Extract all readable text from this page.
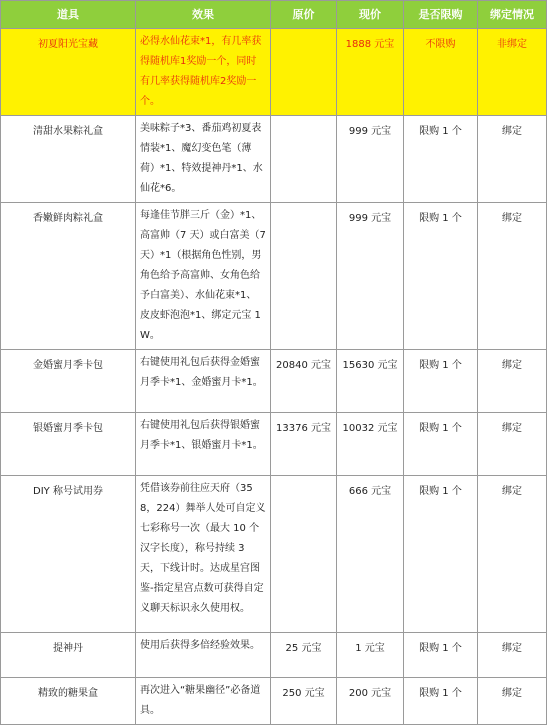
道具	效果	原价	现价	是否限购	绑定情况
初夏阳光宝藏	必得水仙花束*1，有几率获得随机库1奖励一个，同时有几率获得随机库2奖励一个。		1888 元宝	不限购	非绑定
清甜水果粽礼盒	美味粽子*3、番茄鸡初夏表情装*1、魔幻变色笔（薄荷）*1、特效提神丹*1、水仙花*6。		999 元宝	限购 1 个	绑定
香嫩鲜肉粽礼盒	每逢佳节胖三斤（金）*1、高富帅（7 天）或白富美（7 天）*1（根据角色性别，男角色给予高富帅、女角色给予白富美）、水仙花束*1、皮皮虾泡泡*1、绑定元宝 1W。		999 元宝	限购 1 个	绑定
金婚蜜月季卡包	右键使用礼包后获得金婚蜜月季卡*1、金婚蜜月卡*1。	20840 元宝	15630 元宝	限购 1 个	绑定
银婚蜜月季卡包	右键使用礼包后获得银婚蜜月季卡*1、银婚蜜月卡*1。	13376 元宝	10032 元宝	限购 1 个	绑定
DIY 称号试用券	凭借该券前往应天府（358，224）舞举人处可自定义七彩称号一次（最大 10 个汉字长度），称号持续 3 天，下线计时。达成星宫图鉴-指定星宫点数可获得自定义聊天标识永久使用权。		666 元宝	限购 1 个	绑定
提神丹	使用后获得多倍经验效果。	25 元宝	1 元宝	限购 1 个	绑定
精致的糖果盒	再次进入“糖果幽径”必备道具。	250 元宝	200 元宝	限购 1 个	绑定
